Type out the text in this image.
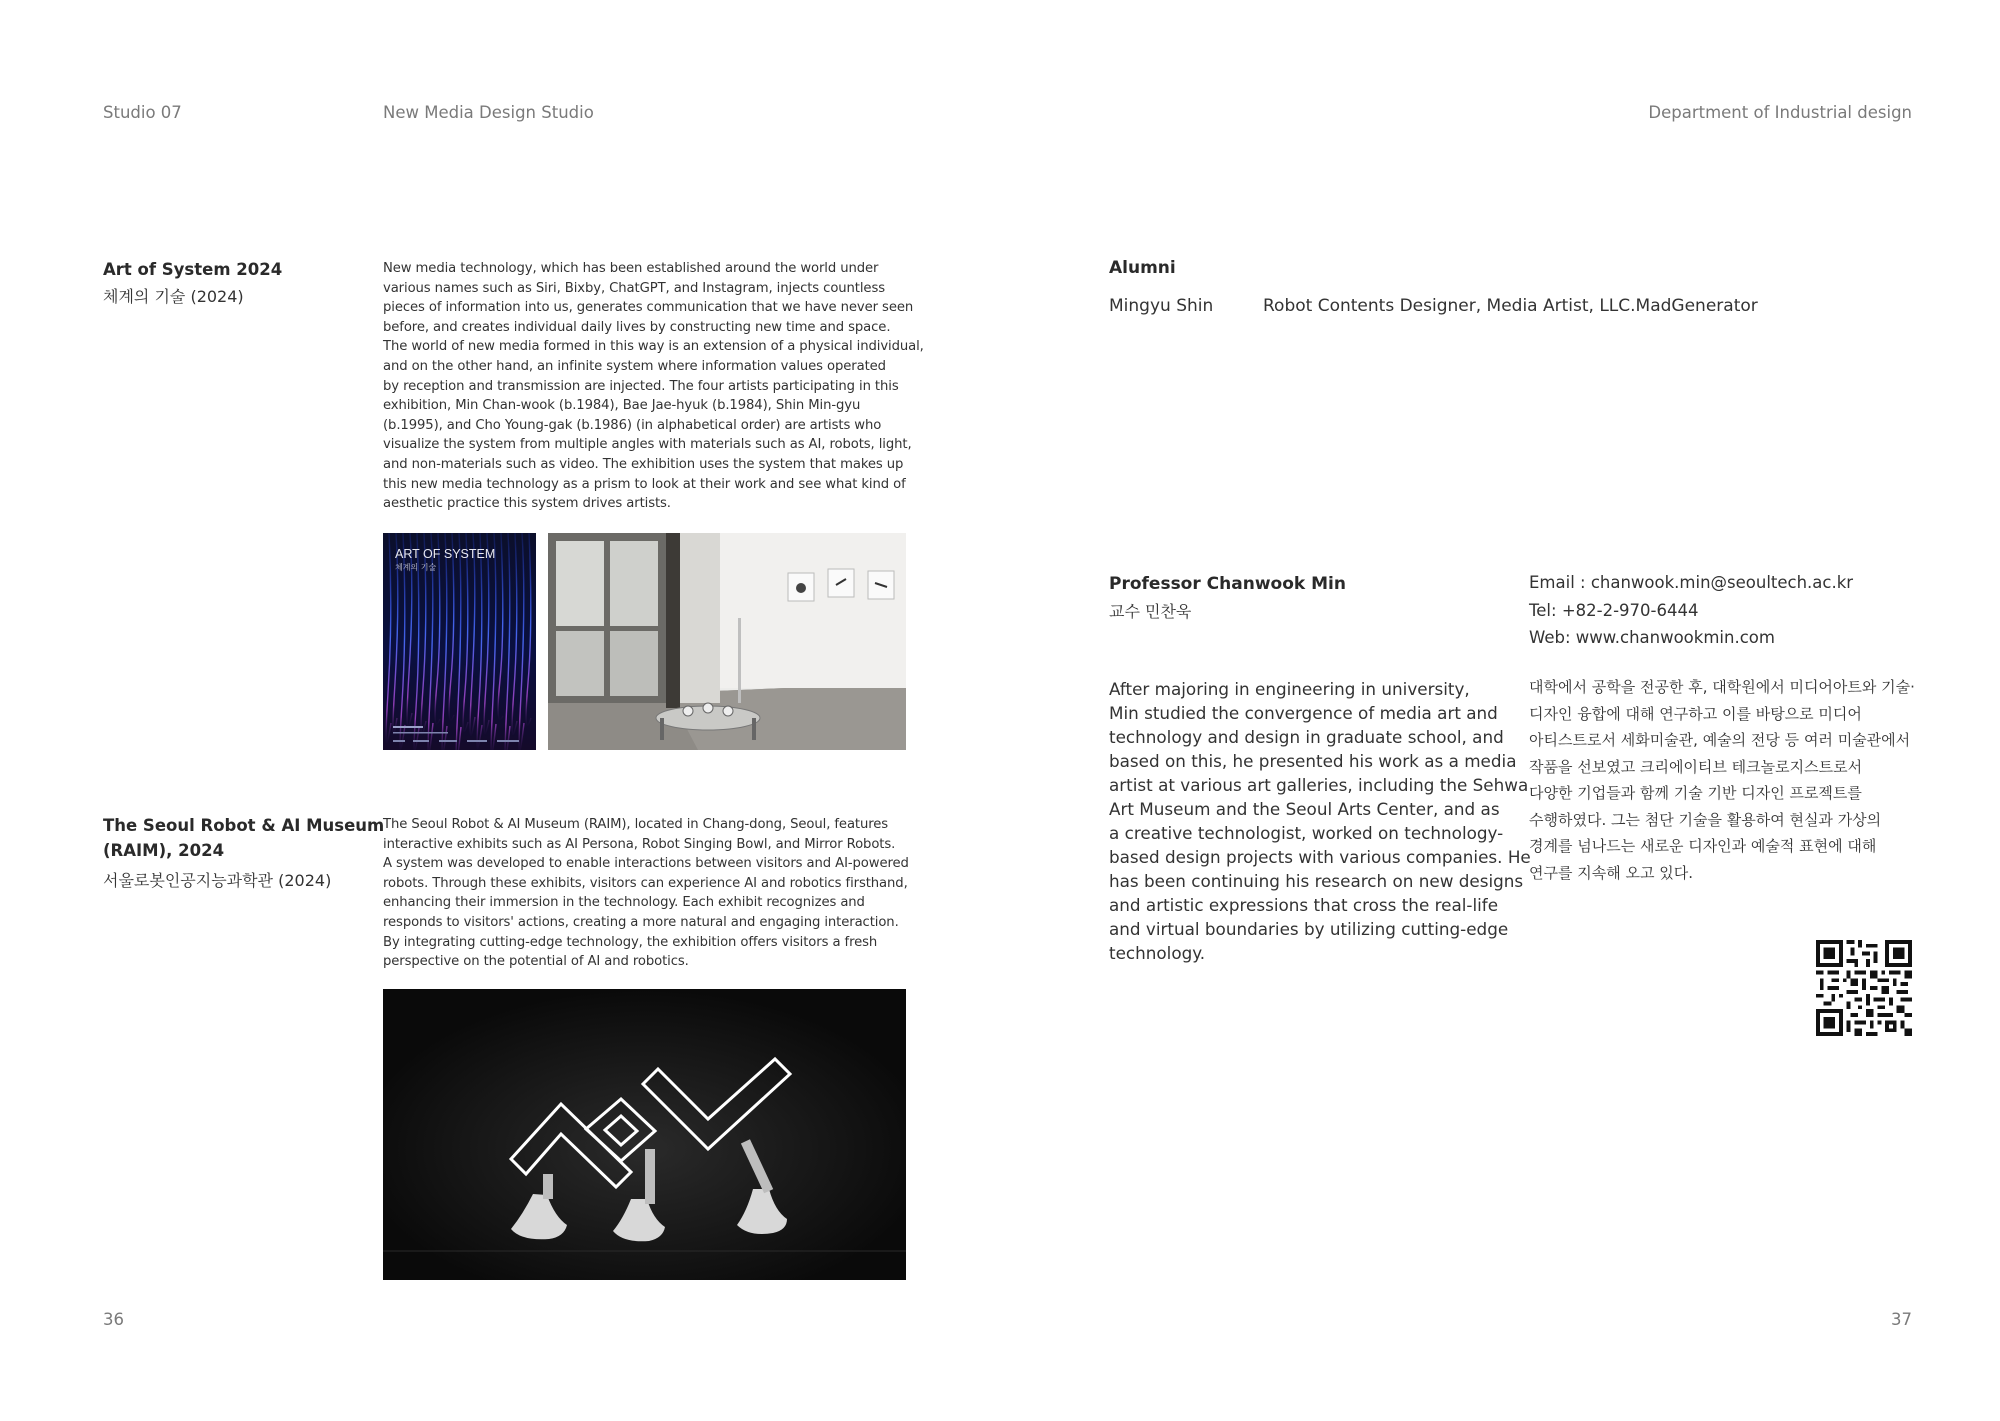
Studio 07	New Media Design Studio	Department of Industrial design
Art of System 2024
체계의 기술 (2024)
New media technology, which has been established around the world under
various names such as Siri, Bixby, ChatGPT, and Instagram, injects countless
pieces of information into us, generates communication that we have never seen
before, and creates individual daily lives by constructing new time and space.
The world of new media formed in this way is an extension of a physical individual,
and on the other hand, an infinite system where information values operated
by reception and transmission are injected. The four artists participating in this
exhibition, Min Chan-wook (b.1984), Bae Jae-hyuk (b.1984), Shin Min-gyu
(b.1995), and Cho Young-gak (b.1986) (in alphabetical order) are artists who
visualize the system from multiple angles with materials such as AI, robots, light,
and non-materials such as video. The exhibition uses the system that makes up
this new media technology as a prism to look at their work and see what kind of
aesthetic practice this system drives artists.
ART OF SYSTEM
체계의 기술
The Seoul Robot & AI Museum
(RAIM), 2024
서울로봇인공지능과학관 (2024)
The Seoul Robot & AI Museum (RAIM), located in Chang-dong, Seoul, features
interactive exhibits such as AI Persona, Robot Singing Bowl, and Mirror Robots.
A system was developed to enable interactions between visitors and AI-powered
robots. Through these exhibits, visitors can experience AI and robotics firsthand,
enhancing their immersion in the technology. Each exhibit recognizes and
responds to visitors' actions, creating a more natural and engaging interaction.
By integrating cutting-edge technology, the exhibition offers visitors a fresh
perspective on the potential of AI and robotics.
Alumni
Mingyu Shin	Robot Contents Designer, Media Artist, LLC.MadGenerator
Professor Chanwook Min
교수 민찬욱
Email : chanwook.min@seoultech.ac.kr
Tel: +82-2-970-6444
Web: www.chanwookmin.com
After majoring in engineering in university,
Min studied the convergence of media art and
technology and design in graduate school, and
based on this, he presented his work as a media
artist at various art galleries, including the Sehwa
Art Museum and the Seoul Arts Center, and as
a creative technologist, worked on technology-
based design projects with various companies. He
has been continuing his research on new designs
and artistic expressions that cross the real-life
and virtual boundaries by utilizing cutting-edge
technology.
대학에서 공학을 전공한 후, 대학원에서 미디어아트와 기술·
디자인 융합에 대해 연구하고 이를 바탕으로 미디어
아티스트로서 세화미술관, 예술의 전당 등 여러 미술관에서
작품을 선보였고 크리에이티브 테크놀로지스트로서
다양한 기업들과 함께 기술 기반 디자인 프로젝트를
수행하였다. 그는 첨단 기술을 활용하여 현실과 가상의
경계를 넘나드는 새로운 디자인과 예술적 표현에 대해
연구를 지속해 오고 있다.
36	37
